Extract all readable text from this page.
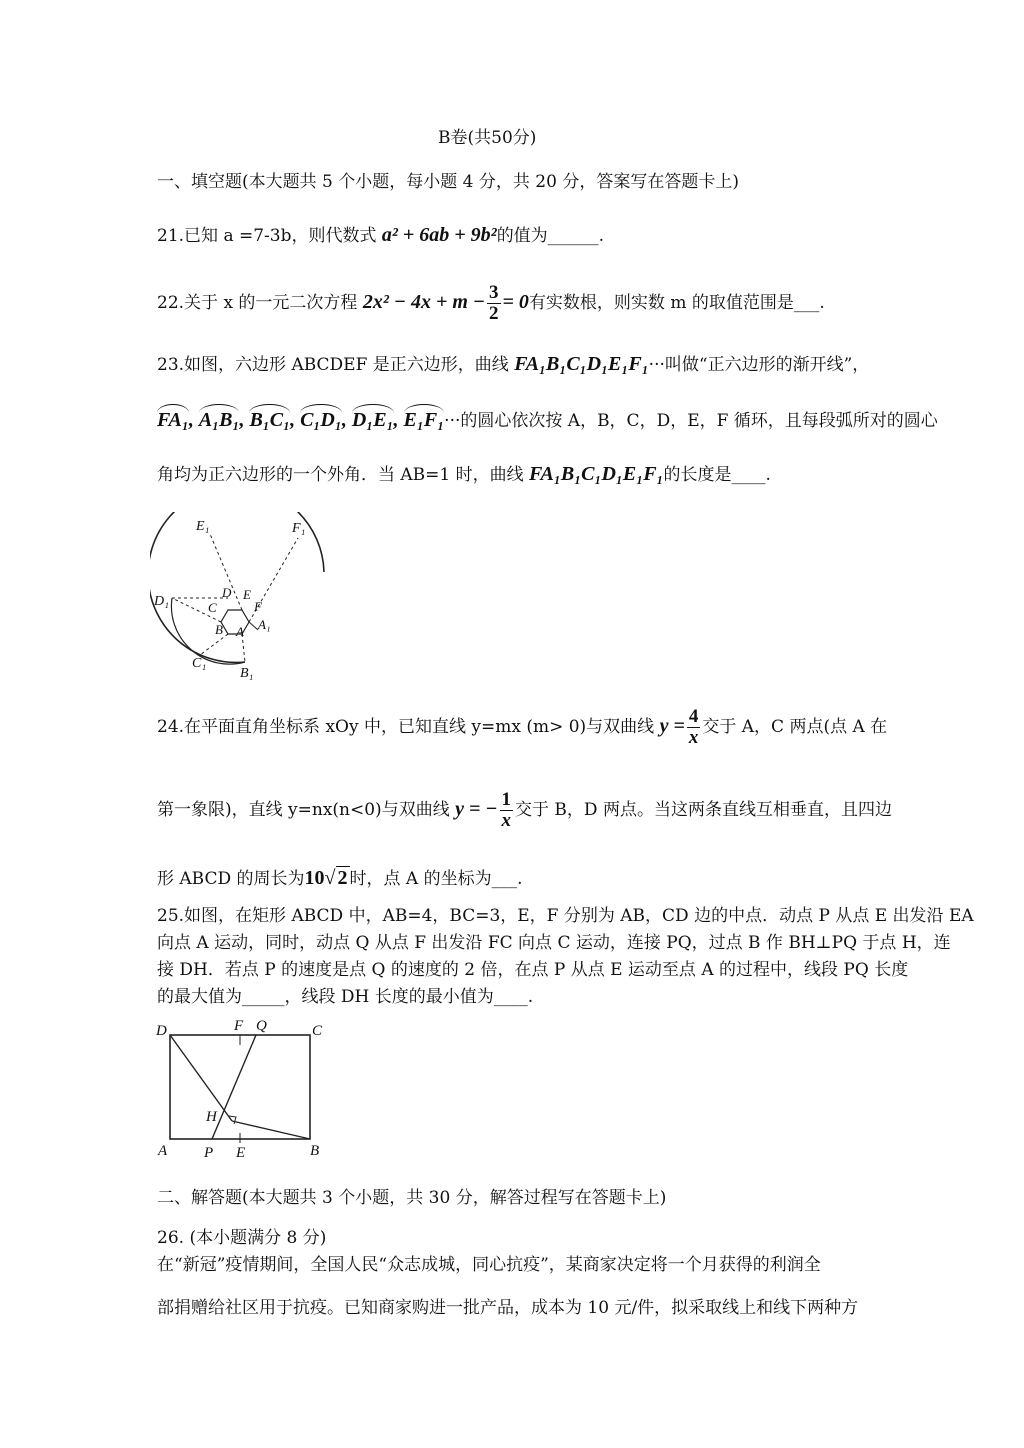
B卷(共50分)
一、填空题(本大题共 5 个小题，每小题 4 分，共 20 分，答案写在答题卡上)
21.已知 a =7-3b，则代数式 a² + 6ab + 9b²的值为______.
22.关于 x 的一元二次方程 $2x^2 - 4x + m - \frac{3}{2} = 0$有实数根，则实数 m 的取值范围是___.
23.如图，六边形 ABCDEF 是正六边形，曲线 FA₁B₁C₁D₁E₁F₁···叫做“正六边形的渐开线”，
FA₁, A₁B₁, B₁C₁, C₁D₁, D₁E₁, E₁F₁···的圆心依次按 A，B，C，D，E，F 循环，且每段弧所对的圆心
角均为正六边形的一个外角．当 AB=1 时，曲线 FA₁B₁C₁D₁E₁F₁的长度是____.
E₁	F₁
D₁
C₁
B₁
A₁
D E
C	F
B A
24.在平面直角坐标系 xOy 中，已知直线 y=mx (m> 0)与双曲线 $y = \frac{4}{x}$ 交于 A，C 两点(点 A 在
第一象限)，直线 y=nx(n<0)与双曲线 y = − $\frac{1}{x}$ 交于 B，D 两点。当这两条直线互相垂直，且四边
形 ABCD 的周长为10√ 2 时，点 A 的坐标为___.
25.如图，在矩形 ABCD 中，AB=4，BC=3，E，F 分别为 AB，CD 边的中点．动点 P 从点 E 出发沿 EA
向点 A 运动，同时，动点 Q 从点 F 出发沿 FC 向点 C 运动，连接 PQ，过点 B 作 BH⊥PQ 于点 H，连
接 DH．若点 P 的速度是点 Q 的速度的 2 倍，在点 P 从点 E 运动至点 A 的过程中，线段 PQ 长度
的最大值为_____，线段 DH 长度的最小值为____.
D	F Q	C
H
A P E	B
二、解答题(本大题共 3 个小题，共 30 分，解答过程写在答题卡上)
26. (本小题满分 8 分)
在“新冠”疫情期间，全国人民“众志成城，同心抗疫”，某商家决定将一个月获得的利润全
部捐赠给社区用于抗疫。已知商家购进一批产品，成本为 10 元/件，拟采取线上和线下两种方
